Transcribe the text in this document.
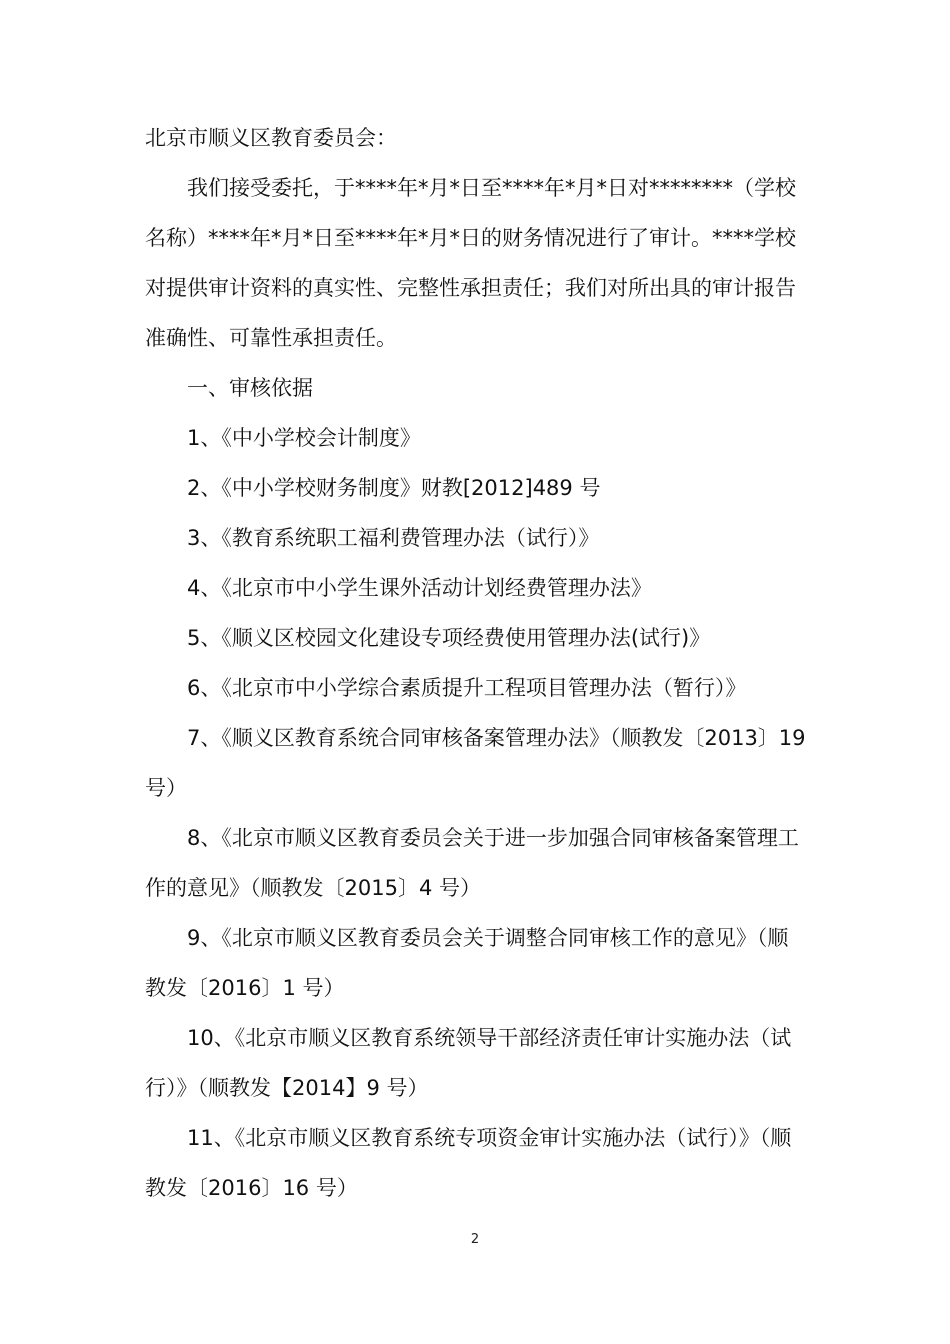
北京市顺义区教育委员会：

我们接受委托，于****年*月*日至****年*月*日对********（学校名称）****年*月*日至****年*月*日的财务情况进行了审计。****学校对提供审计资料的真实性、完整性承担责任；我们对所出具的审计报告准确性、可靠性承担责任。

一、审核依据

1、《中小学校会计制度》

2、《中小学校财务制度》财教[2012]489 号

3、《教育系统职工福利费管理办法（试行）》

4、《北京市中小学生课外活动计划经费管理办法》

5、《顺义区校园文化建设专项经费使用管理办法(试行)》

6、《北京市中小学综合素质提升工程项目管理办法（暂行）》

7、《顺义区教育系统合同审核备案管理办法》（顺教发〔2013〕19 号）

8、《北京市顺义区教育委员会关于进一步加强合同审核备案管理工作的意见》（顺教发〔2015〕4 号）

9、《北京市顺义区教育委员会关于调整合同审核工作的意见》（顺教发〔2016〕1 号）

10、《北京市顺义区教育系统领导干部经济责任审计实施办法（试行）》（顺教发【2014】9 号）

11、《北京市顺义区教育系统专项资金审计实施办法（试行）》（顺教发〔2016〕16 号）

2
